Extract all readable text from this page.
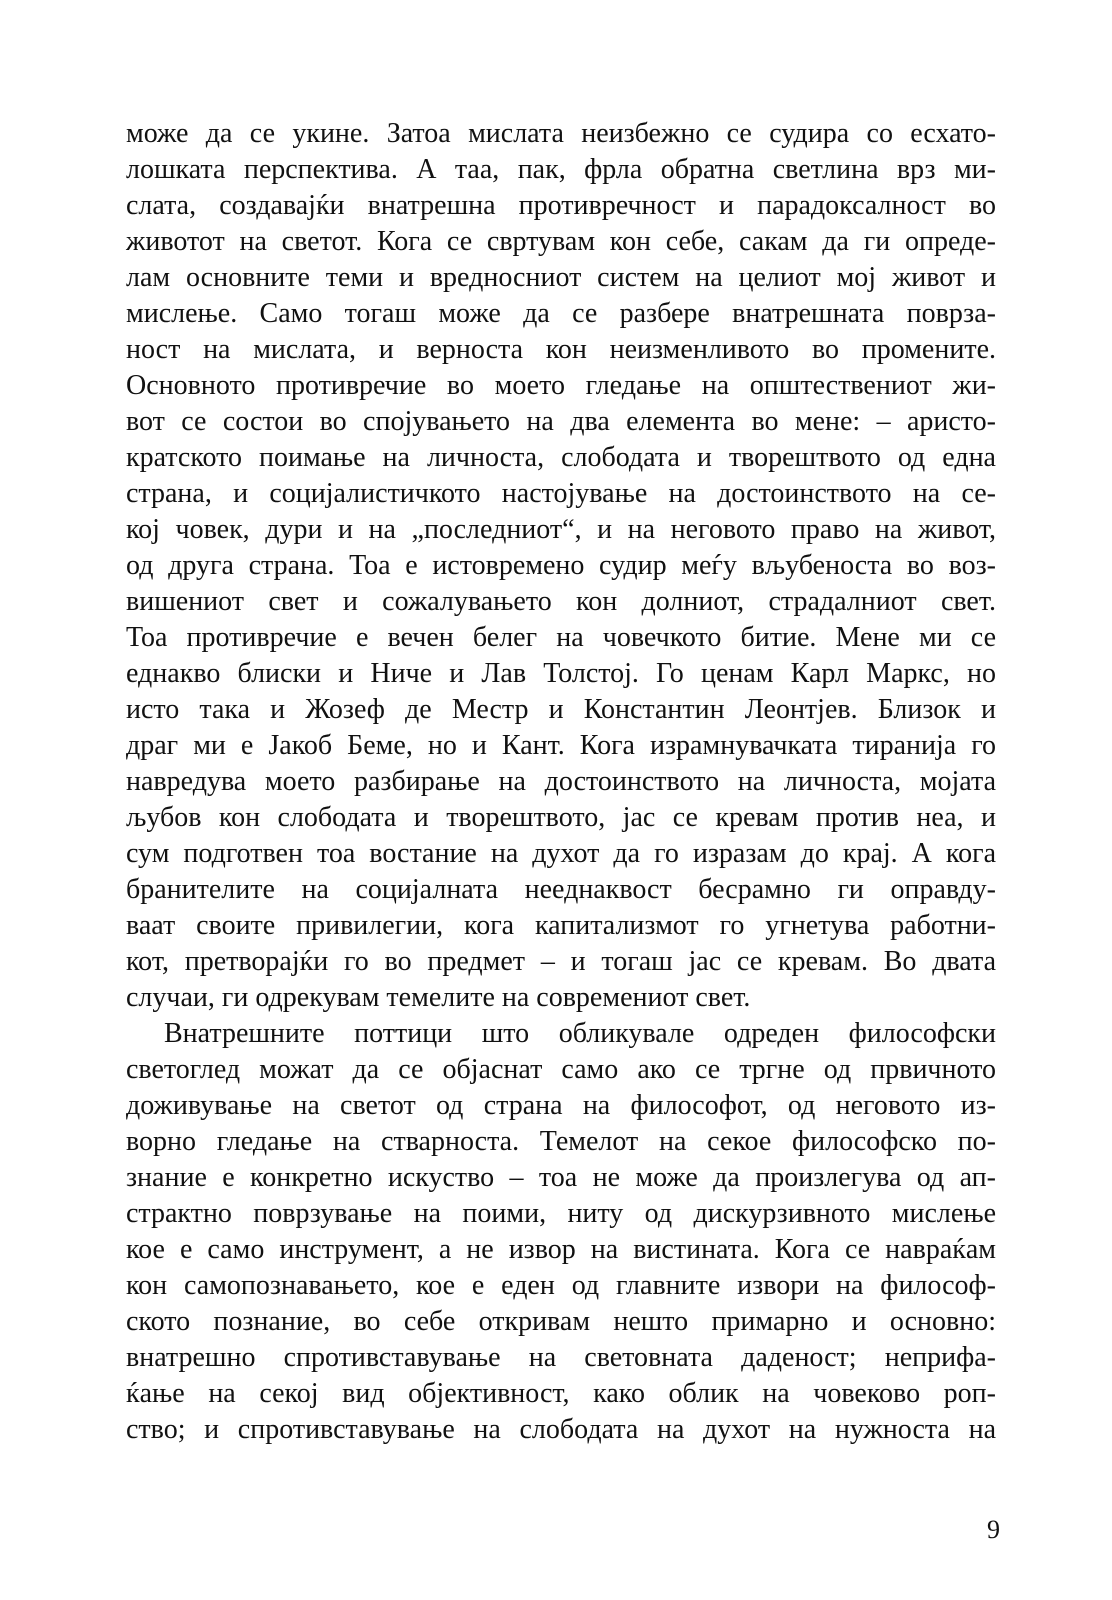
може да се укине. Затоа мислата неизбежно се судира со есхато-
лошката перспектива. А таа, пак, фрла обратна светлина врз ми-
слата, создавајќи внатрешна противречност и парадоксалност во
животот на светот. Кога се свртувам кон себе, сакам да ги опреде-
лам основните теми и вредносниот систем на целиот мој живот и
мислење. Само тогаш може да се разбере внатрешната поврза-
ност на мислата, и верноста кон неизменливото во промените.
Основното противречие во моето гледање на општествениот жи-
вот се состои во спојувањето на два елемента во мене: – аристо-
кратското поимање на личноста, слободата и творештвото од една
страна, и социјалистичкото настојување на достоинството на се-
кој човек, дури и на „последниот“, и на неговото право на живот,
од друга страна. Тоа е истовремено судир меѓу вљубеноста во воз-
вишениот свет и сожалувањето кон долниот, страдалниот свет.
Тоа противречие е вечен белег на човечкото битие. Мене ми се
еднакво блиски и Ниче и Лав Толстој. Го ценам Карл Маркс, но
исто така и Жозеф де Местр и Константин Леонтјев. Близок и
драг ми е Јакоб Беме, но и Кант. Кога израмнувачката тиранија го
навредува моето разбирање на достоинството на личноста, мојата
љубов кон слободата и творештвото, јас се кревам против неа, и
сум подготвен тоа востание на духот да го изразам до крај. А кога
бранителите на социјалната нееднаквост бесрамно ги оправду-
ваат своите привилегии, кога капитализмот го угнетува работни-
кот, претворајќи го во предмет – и тогаш јас се кревам. Во двата
случаи, ги одрекувам темелите на современиот свет.
Внатрешните поттици што обликувале одреден философски
светоглед можат да се објаснат само ако се тргне од првичното
доживување на светот од страна на философот, од неговото из-
ворно гледање на стварноста. Темелот на секое философско по-
знание е конкретно искуство – тоа не може да произлегува од ап-
страктно поврзување на поими, ниту од дискурзивното мислење
кое е само инструмент, а не извор на вистината. Кога се навраќам
кон самопознавањето, кое е еден од главните извори на философ-
ското познание, во себе откривам нешто примарно и основно:
внатрешно спротивставување на световната даденост; неприфа-
ќање на секој вид објективност, како облик на човеково роп-
ство; и спротивставување на слободата на духот на нужноста на
9
